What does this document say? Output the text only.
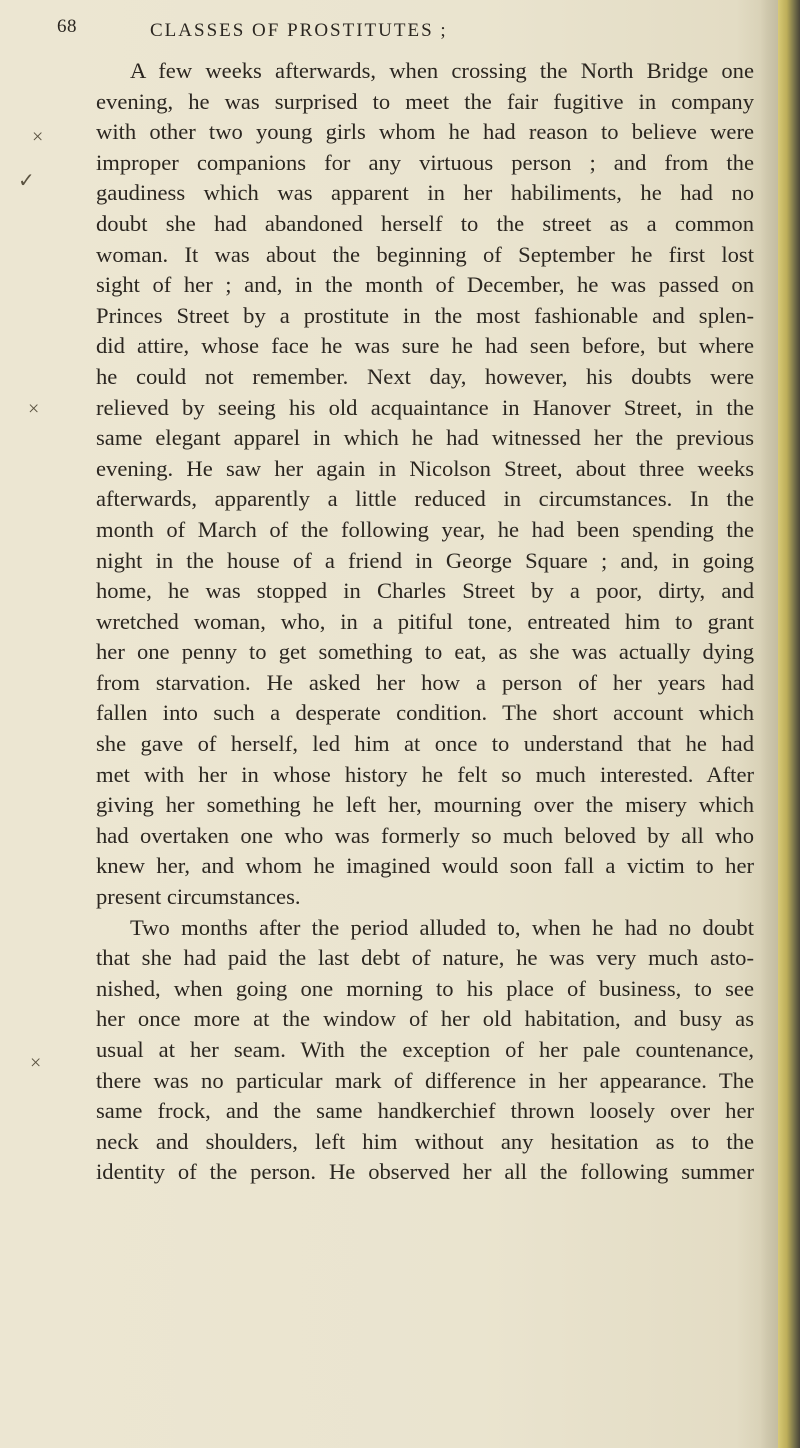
68	CLASSES OF PROSTITUTES ;
×
✓
×
×
A few weeks afterwards, when crossing the North Bridge one
evening, he was surprised to meet the fair fugitive in company
with other two young girls whom he had reason to believe were
improper companions for any virtuous person ; and from the
gaudiness which was apparent in her habiliments, he had no
doubt she had abandoned herself to the street as a common
woman. It was about the beginning of September he first lost
sight of her ; and, in the month of December, he was passed on
Princes Street by a prostitute in the most fashionable and splen-
did attire, whose face he was sure he had seen before, but where
he could not remember. Next day, however, his doubts were
relieved by seeing his old acquaintance in Hanover Street, in the
same elegant apparel in which he had witnessed her the previous
evening. He saw her again in Nicolson Street, about three weeks
afterwards, apparently a little reduced in circumstances. In the
month of March of the following year, he had been spending the
night in the house of a friend in George Square ; and, in going
home, he was stopped in Charles Street by a poor, dirty, and
wretched woman, who, in a pitiful tone, entreated him to grant
her one penny to get something to eat, as she was actually dying
from starvation. He asked her how a person of her years had
fallen into such a desperate condition. The short account which
she gave of herself, led him at once to understand that he had
met with her in whose history he felt so much interested. After
giving her something he left her, mourning over the misery which
had overtaken one who was formerly so much beloved by all who
knew her, and whom he imagined would soon fall a victim to her
present circumstances.
Two months after the period alluded to, when he had no doubt
that she had paid the last debt of nature, he was very much asto-
nished, when going one morning to his place of business, to see
her once more at the window of her old habitation, and busy as
usual at her seam. With the exception of her pale countenance,
there was no particular mark of difference in her appearance. The
same frock, and the same handkerchief thrown loosely over her
neck and shoulders, left him without any hesitation as to the
identity of the person. He observed her all the following summer
